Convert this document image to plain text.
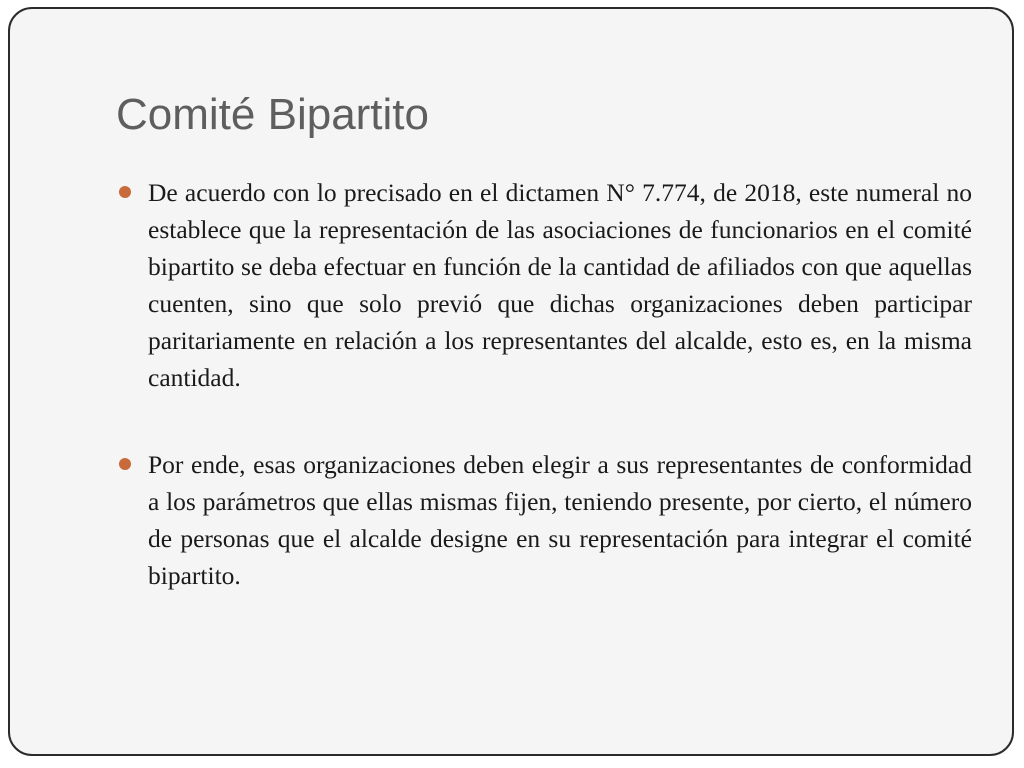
Comité Bipartito
De acuerdo con lo precisado en el dictamen N° 7.774, de 2018, este numeral no establece que la representación de las asociaciones de funcionarios en el comité bipartito se deba efectuar en función de la cantidad de afiliados con que aquellas cuenten, sino que solo previó que dichas organizaciones deben participar paritariamente en relación a los representantes del alcalde, esto es, en la misma cantidad.
Por ende, esas organizaciones deben elegir a sus representantes de conformidad a los parámetros que ellas mismas fijen, teniendo presente, por cierto, el número de personas que el alcalde designe en su representación para integrar el comité bipartito.
